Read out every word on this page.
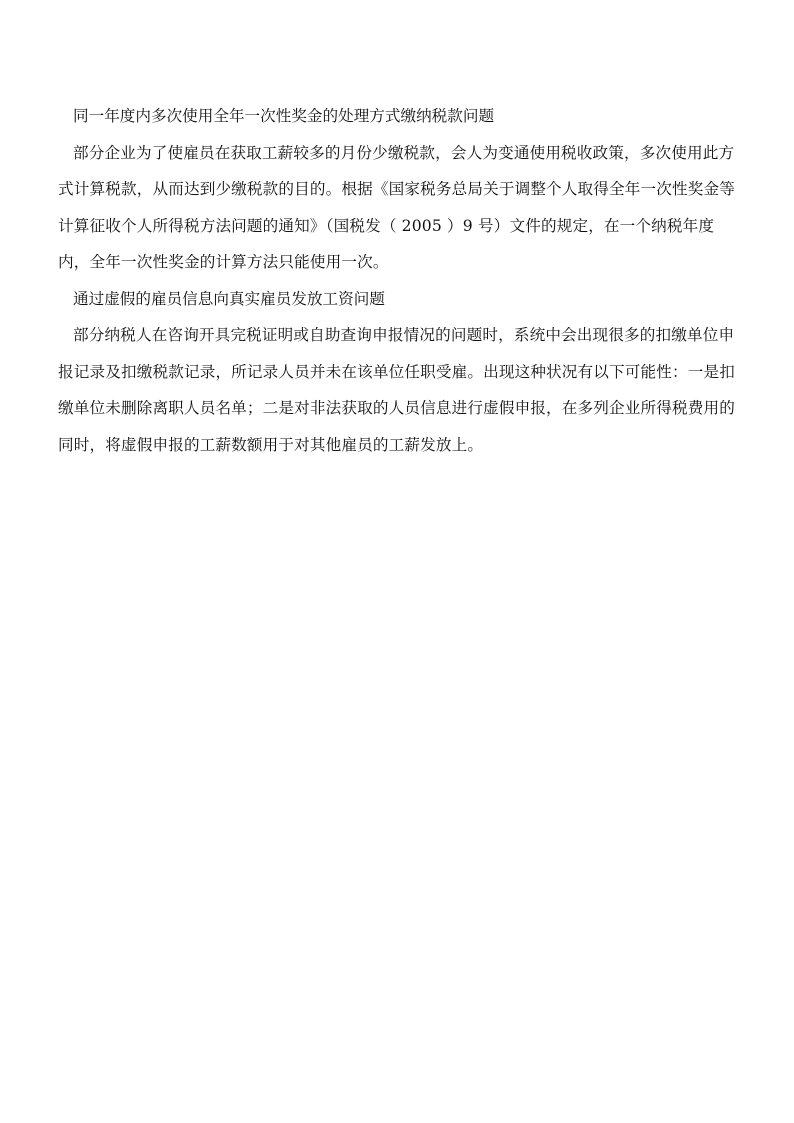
同一年度内多次使用全年一次性奖金的处理方式缴纳税款问题

部分企业为了使雇员在获取工薪较多的月份少缴税款，会人为变通使用税收政策，多次使用此方式计算税款，从而达到少缴税款的目的。根据《国家税务总局关于调整个人取得全年一次性奖金等计算征收个人所得税方法问题的通知》（国税发（ 2005 ）9 号）文件的规定，在一个纳税年度内，全年一次性奖金的计算方法只能使用一次。

通过虚假的雇员信息向真实雇员发放工资问题

部分纳税人在咨询开具完税证明或自助查询申报情况的问题时，系统中会出现很多的扣缴单位申报记录及扣缴税款记录，所记录人员并未在该单位任职受雇。出现这种状况有以下可能性：一是扣缴单位未删除离职人员名单；二是对非法获取的人员信息进行虚假申报，在多列企业所得税费用的同时，将虚假申报的工薪数额用于对其他雇员的工薪发放上。
